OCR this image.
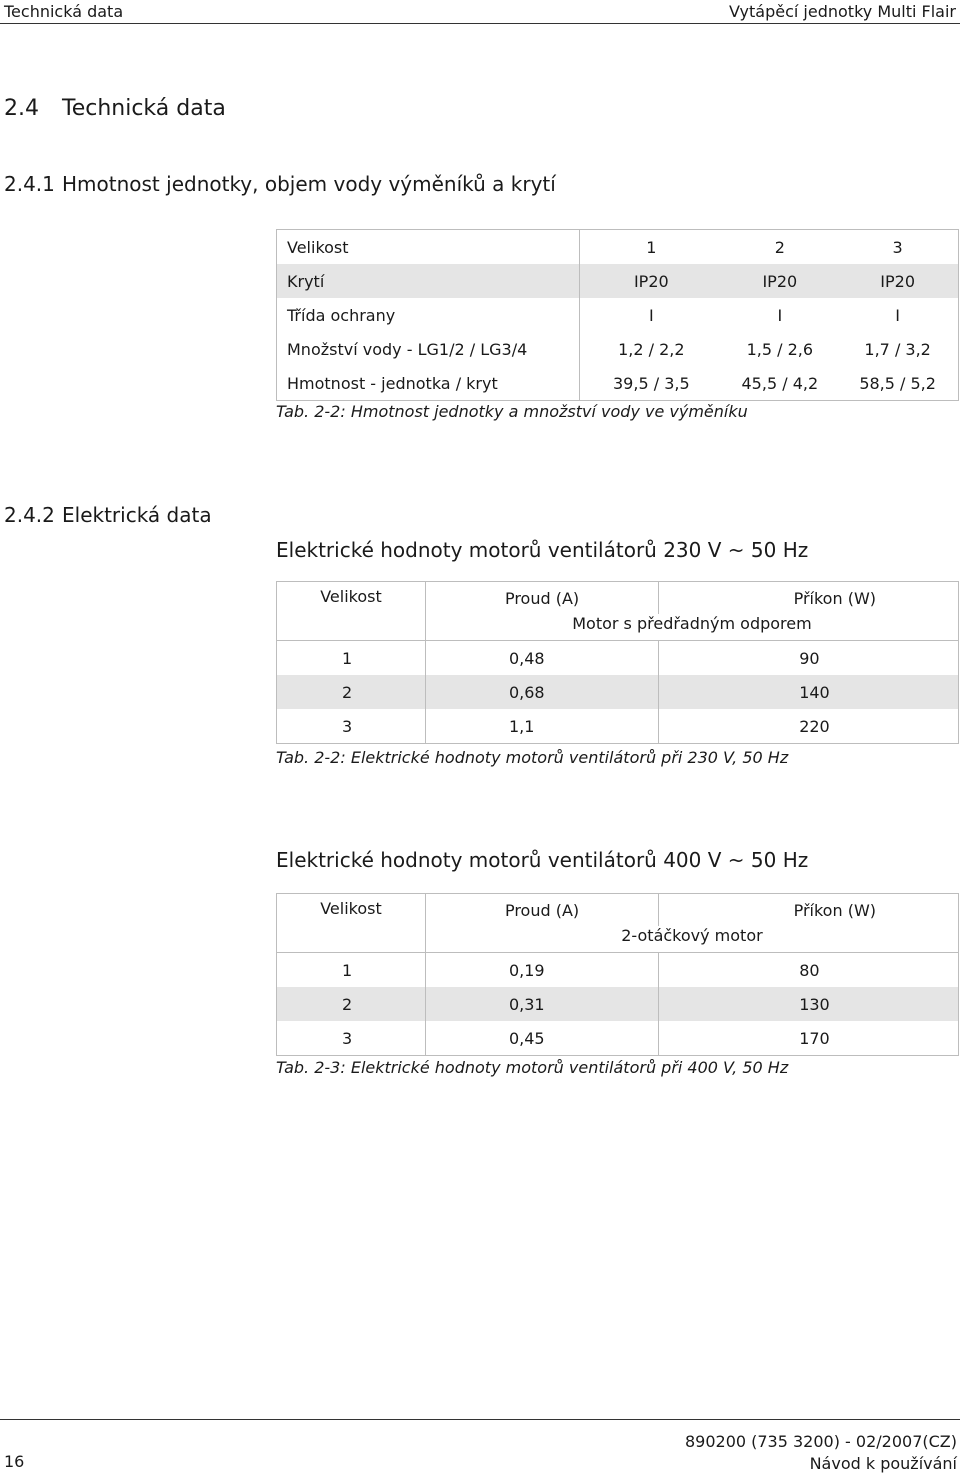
Technická data	Vytápěcí jednotky Multi Flair
2.4 Technická data
2.4.1 Hmotnost jednotky, objem vody výměníků a krytí
Velikost	1	2	3
Krytí	IP20	IP20	IP20
Třída ochrany	I	I	I
Množství vody - LG1/2 / LG3/4	1,2 / 2,2	1,5 / 2,6	1,7 / 3,2
Hmotnost - jednotka / kryt	39,5 / 3,5	45,5 / 4,2	58,5 / 5,2
Tab. 2-2: Hmotnost jednotky a množství vody ve výměníku
2.4.2 Elektrická data
Elektrické hodnoty motorů ventilátorů 230 V ~ 50 Hz
Velikost	Proud (A)	Příkon (W)
	Motor s předřadným odporem	
1	0,48	90
2	0,68	140
3	1,1	220
Tab. 2-2: Elektrické hodnoty motorů ventilátorů při 230 V, 50 Hz
Elektrické hodnoty motorů ventilátorů 400 V ~ 50 Hz
Velikost	Proud (A)	Příkon (W)
	2-otáčkový motor	
1	0,19	80
2	0,31	130
3	0,45	170
Tab. 2-3: Elektrické hodnoty motorů ventilátorů při 400 V, 50 Hz
16
890200 (735 3200) - 02/2007(CZ)
Návod k používání
